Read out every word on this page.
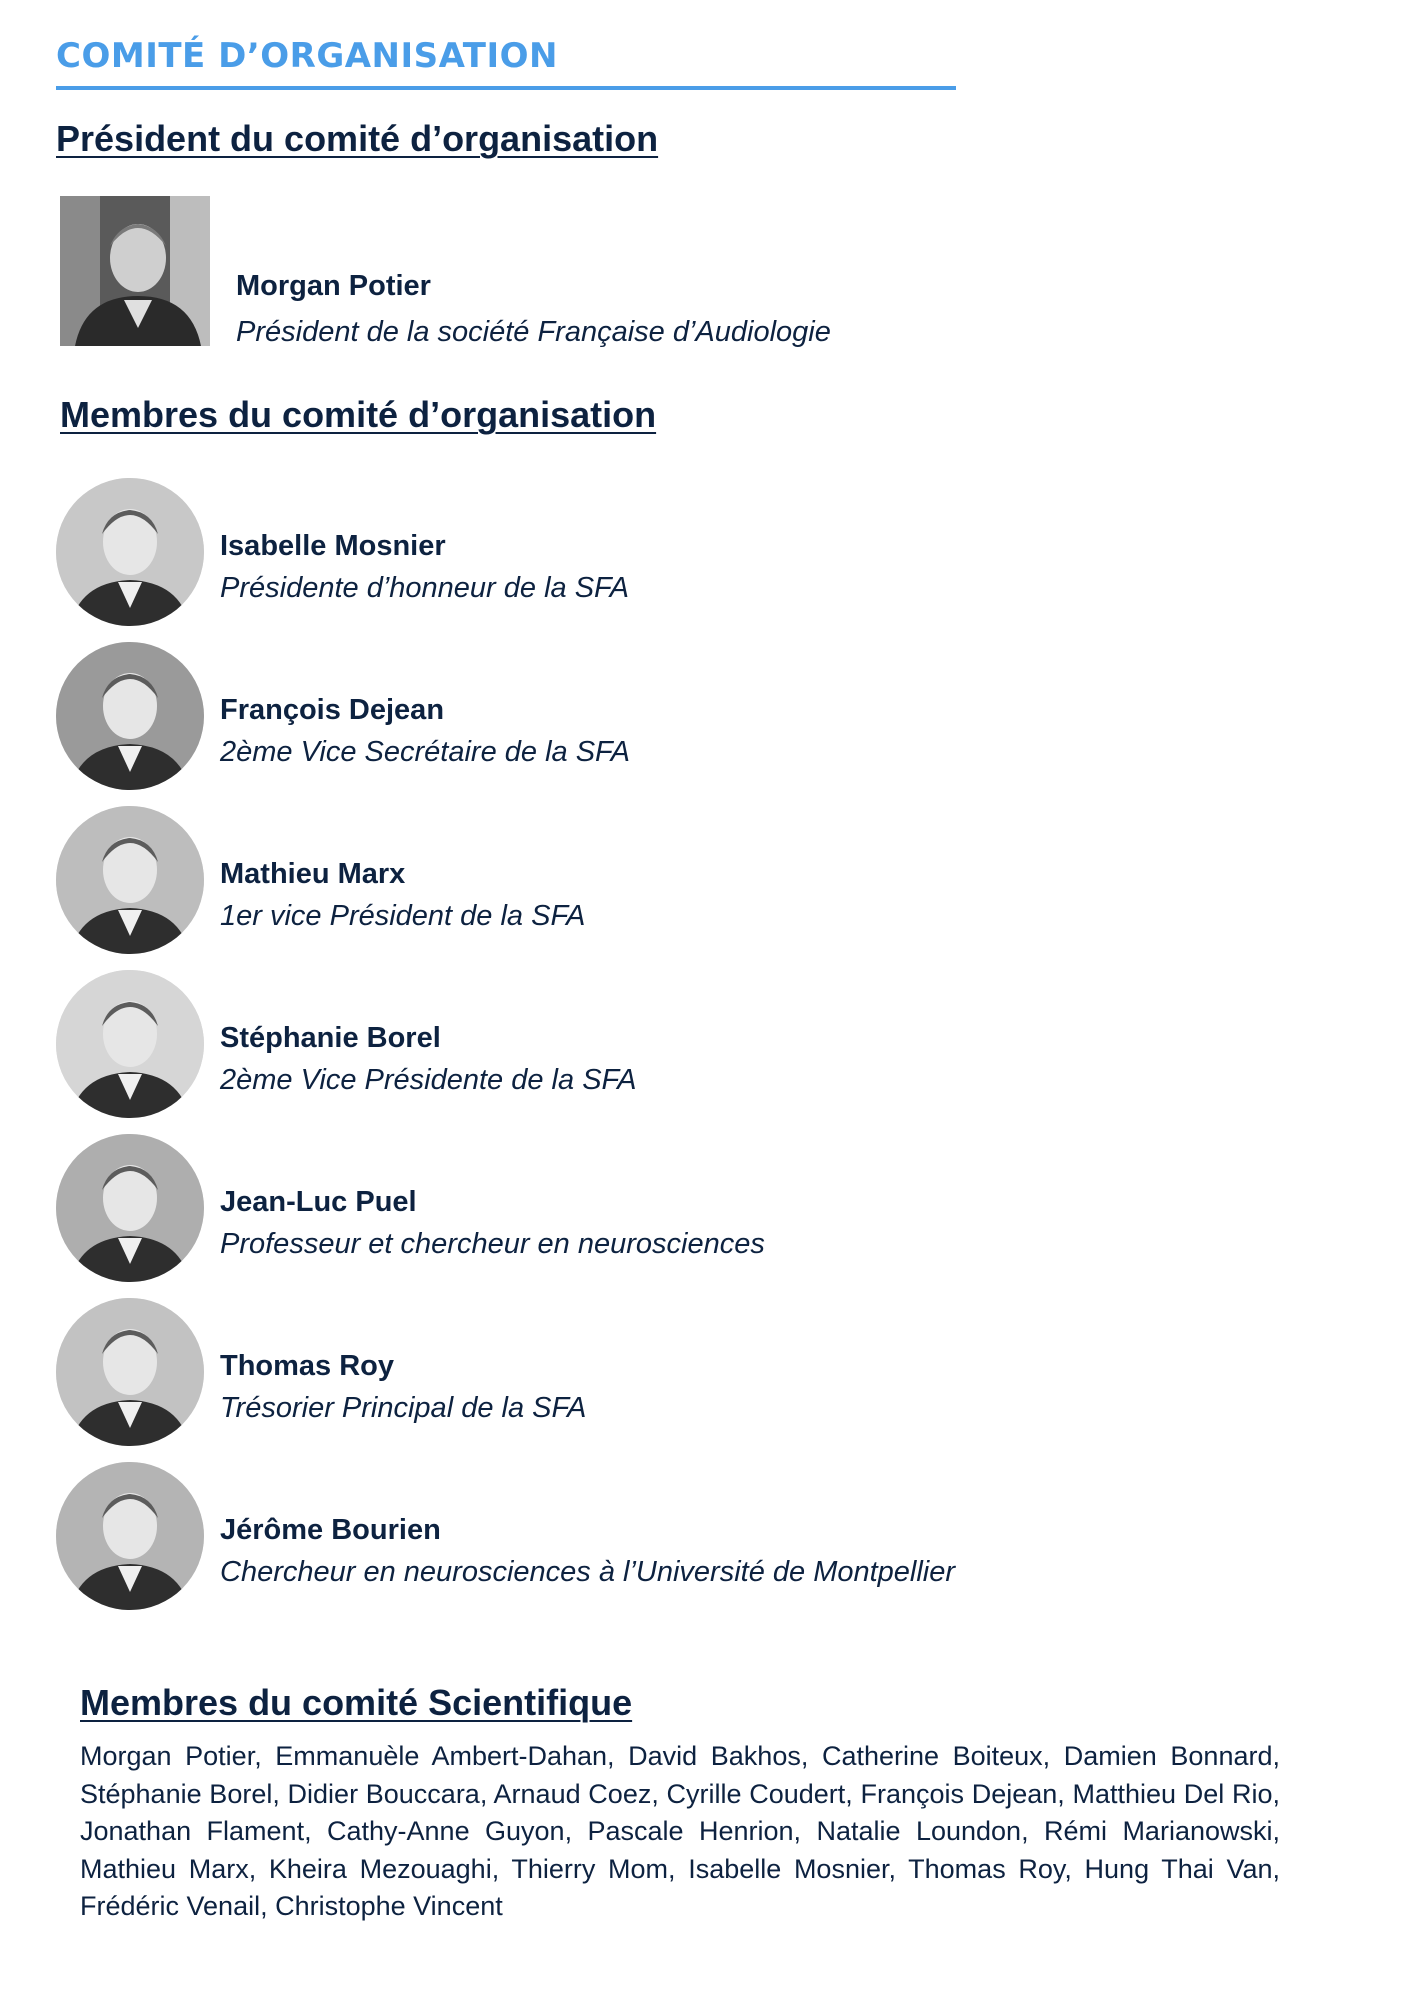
COMITÉ D’ORGANISATION
Président du comité d’organisation
Morgan Potier
Président de la société Française d’Audiologie
Membres du comité d’organisation
Isabelle Mosnier
Présidente d’honneur de la SFA
François Dejean
2ème Vice Secrétaire de la SFA
Mathieu Marx
1er vice Président de la SFA
Stéphanie Borel
2ème Vice Présidente de la SFA
Jean-Luc Puel
Professeur et chercheur en neurosciences
Thomas Roy
Trésorier Principal de la SFA
Jérôme Bourien
Chercheur en neurosciences à l’Université de Montpellier
Membres du comité Scientifique
Morgan Potier, Emmanuèle Ambert-Dahan, David Bakhos, Catherine Boiteux, Damien Bonnard, Stéphanie Borel, Didier Bouccara, Arnaud Coez, Cyrille Coudert, François Dejean, Matthieu Del Rio, Jonathan Flament, Cathy-Anne Guyon, Pascale Henrion, Natalie Loundon, Rémi Marianowski, Mathieu Marx, Kheira Mezouaghi, Thierry Mom, Isabelle Mosnier, Thomas Roy, Hung Thai Van, Frédéric Venail, Christophe Vincent
